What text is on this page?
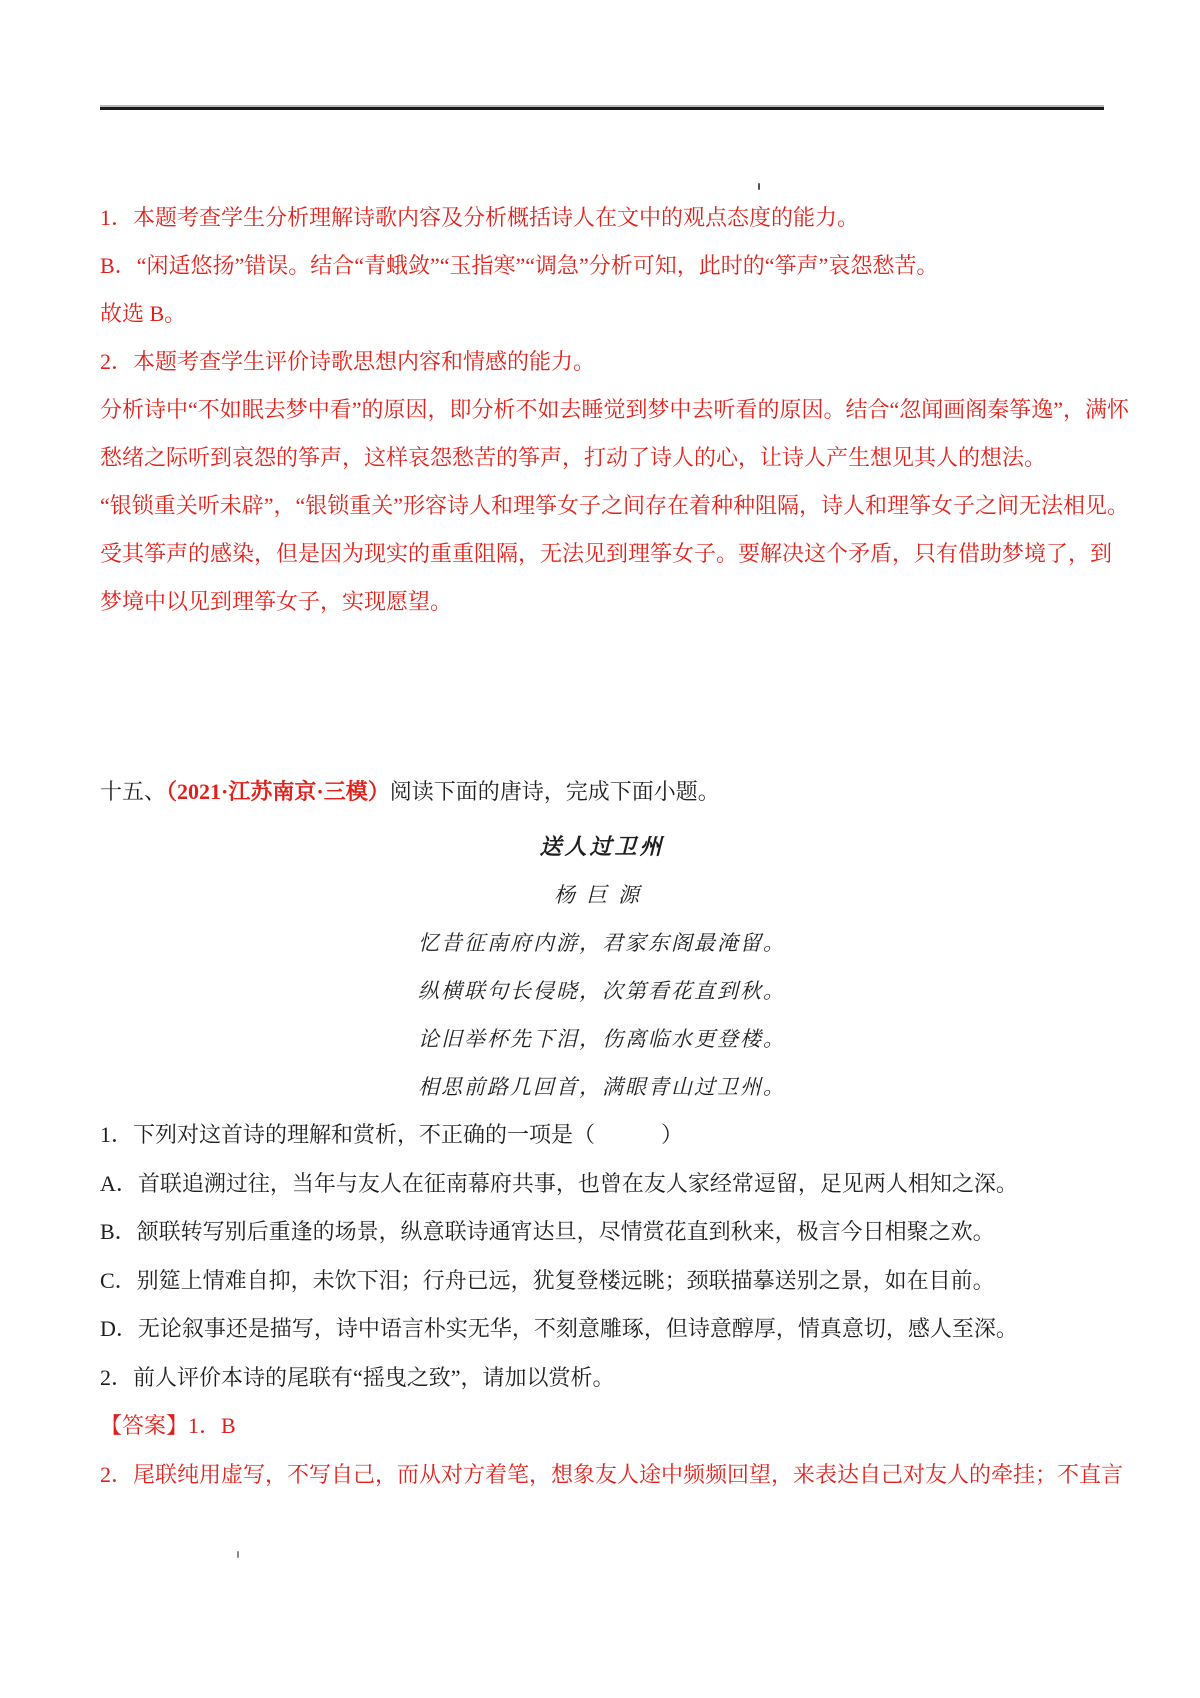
1．本题考查学生分析理解诗歌内容及分析概括诗人在文中的观点态度的能力。
B．“闲适悠扬”错误。结合“青蛾敛”“玉指寒”“调急”分析可知，此时的“筝声”哀怨愁苦。
故选 B。
2．本题考查学生评价诗歌思想内容和情感的能力。
分析诗中“不如眠去梦中看”的原因，即分析不如去睡觉到梦中去听看的原因。结合“忽闻画阁秦筝逸”，满怀
愁绪之际听到哀怨的筝声，这样哀怨愁苦的筝声，打动了诗人的心，让诗人产生想见其人的想法。
“银锁重关听未辟”，“银锁重关”形容诗人和理筝女子之间存在着种种阻隔，诗人和理筝女子之间无法相见。
受其筝声的感染，但是因为现实的重重阻隔，无法见到理筝女子。要解决这个矛盾，只有借助梦境了，到
梦境中以见到理筝女子，实现愿望。
十五、（2021·江苏南京·三模）阅读下面的唐诗，完成下面小题。
送人过卫州
杨巨源
忆昔征南府内游，君家东阁最淹留。
纵横联句长侵晓，次第看花直到秋。
论旧举杯先下泪，伤离临水更登楼。
相思前路几回首，满眼青山过卫州。
1．下列对这首诗的理解和赏析，不正确的一项是（　　　）
A．首联追溯过往，当年与友人在征南幕府共事，也曾在友人家经常逗留，足见两人相知之深。
B．颔联转写别后重逢的场景，纵意联诗通宵达旦，尽情赏花直到秋来，极言今日相聚之欢。
C．别筵上情难自抑，未饮下泪；行舟已远，犹复登楼远眺；颈联描摹送别之景，如在目前。
D．无论叙事还是描写，诗中语言朴实无华，不刻意雕琢，但诗意醇厚，情真意切，感人至深。
2．前人评价本诗的尾联有“摇曳之致”，请加以赏析。
【答案】1．B
2．尾联纯用虚写，不写自己，而从对方着笔，想象友人途中频频回望，来表达自己对友人的牵挂；不直言
